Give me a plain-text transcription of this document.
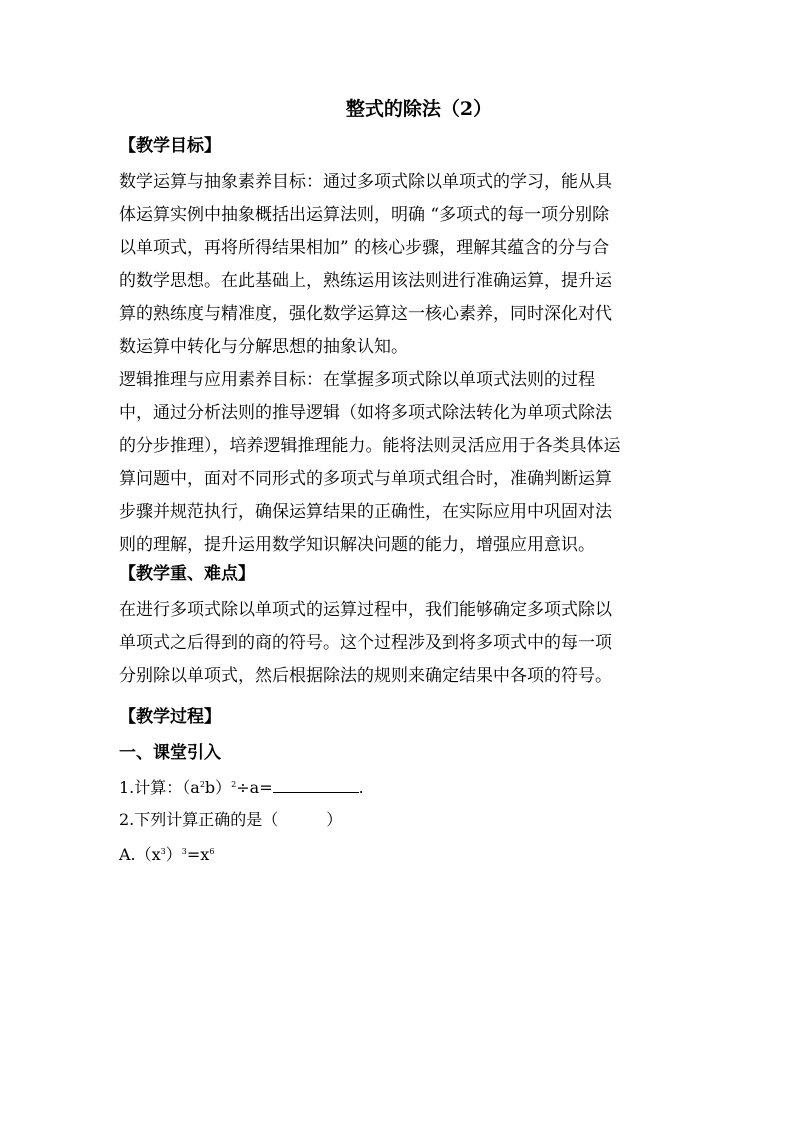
整式的除法（2）
【教学目标】
数学运算与抽象素养目标：通过多项式除以单项式的学习，能从具
体运算实例中抽象概括出运算法则，明确 “多项式的每一项分别除
以单项式，再将所得结果相加” 的核心步骤，理解其蕴含的分与合
的数学思想。在此基础上，熟练运用该法则进行准确运算，提升运
算的熟练度与精准度，强化数学运算这一核心素养，同时深化对代
数运算中转化与分解思想的抽象认知。
逻辑推理与应用素养目标：在掌握多项式除以单项式法则的过程
中，通过分析法则的推导逻辑（如将多项式除法转化为单项式除法
的分步推理），培养逻辑推理能力。能将法则灵活应用于各类具体运
算问题中，面对不同形式的多项式与单项式组合时，准确判断运算
步骤并规范执行，确保运算结果的正确性，在实际应用中巩固对法
则的理解，提升运用数学知识解决问题的能力，增强应用意识。
【教学重、难点】
在进行多项式除以单项式的运算过程中，我们能够确定多项式除以
单项式之后得到的商的符号。这个过程涉及到将多项式中的每一项
分别除以单项式，然后根据除法的规则来确定结果中各项的符号。
【教学过程】
一、课堂引入
1.计算：$(a^2b)^2\div a=$	.
2.下列计算正确的是（　　　）
$A.(x^3)^3=x^6$
